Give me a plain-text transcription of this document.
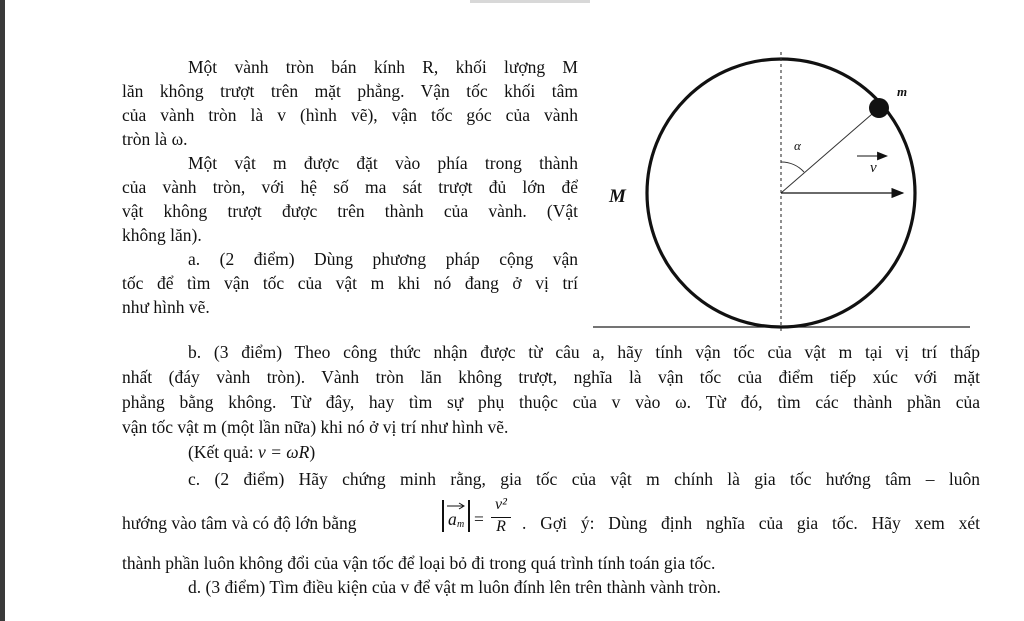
Một vành tròn bán kính R, khối lượng M
lăn không trượt trên mặt phẳng. Vận tốc khối tâm
của vành tròn là v (hình vẽ), vận tốc góc của vành
tròn là ω.
Một vật m được đặt vào phía trong thành
của vành tròn, với hệ số ma sát trượt đủ lớn để
vật không trượt được trên thành của vành. (Vật
không lăn).
a. (2 điểm) Dùng phương pháp cộng vận
tốc để tìm vận tốc của vật m khi nó đang ở vị trí
như hình vẽ.
M
m
α
v
b. (3 điểm) Theo công thức nhận được từ câu a, hãy tính vận tốc của vật m tại vị trí thấp
nhất (đáy vành tròn). Vành tròn lăn không trượt, nghĩa là vận tốc của điểm tiếp xúc với mặt
phẳng bằng không. Từ đây, hay tìm sự phụ thuộc của v vào ω. Từ đó, tìm các thành phần của
vận tốc vật m (một lần nữa) khi nó ở vị trí như hình vẽ.
(Kết quả: v = ωR)
c. (2 điểm) Hãy chứng minh rằng, gia tốc của vật m chính là gia tốc hướng tâm – luôn
hướng vào tâm và có độ lớn bằng	a m =
v²
R . Gợi ý: Dùng định nghĩa của gia tốc. Hãy xem xét
thành phần luôn không đổi của vận tốc để loại bỏ đi trong quá trình tính toán gia tốc.
d. (3 điểm) Tìm điều kiện của v để vật m luôn đính lên trên thành vành tròn.
